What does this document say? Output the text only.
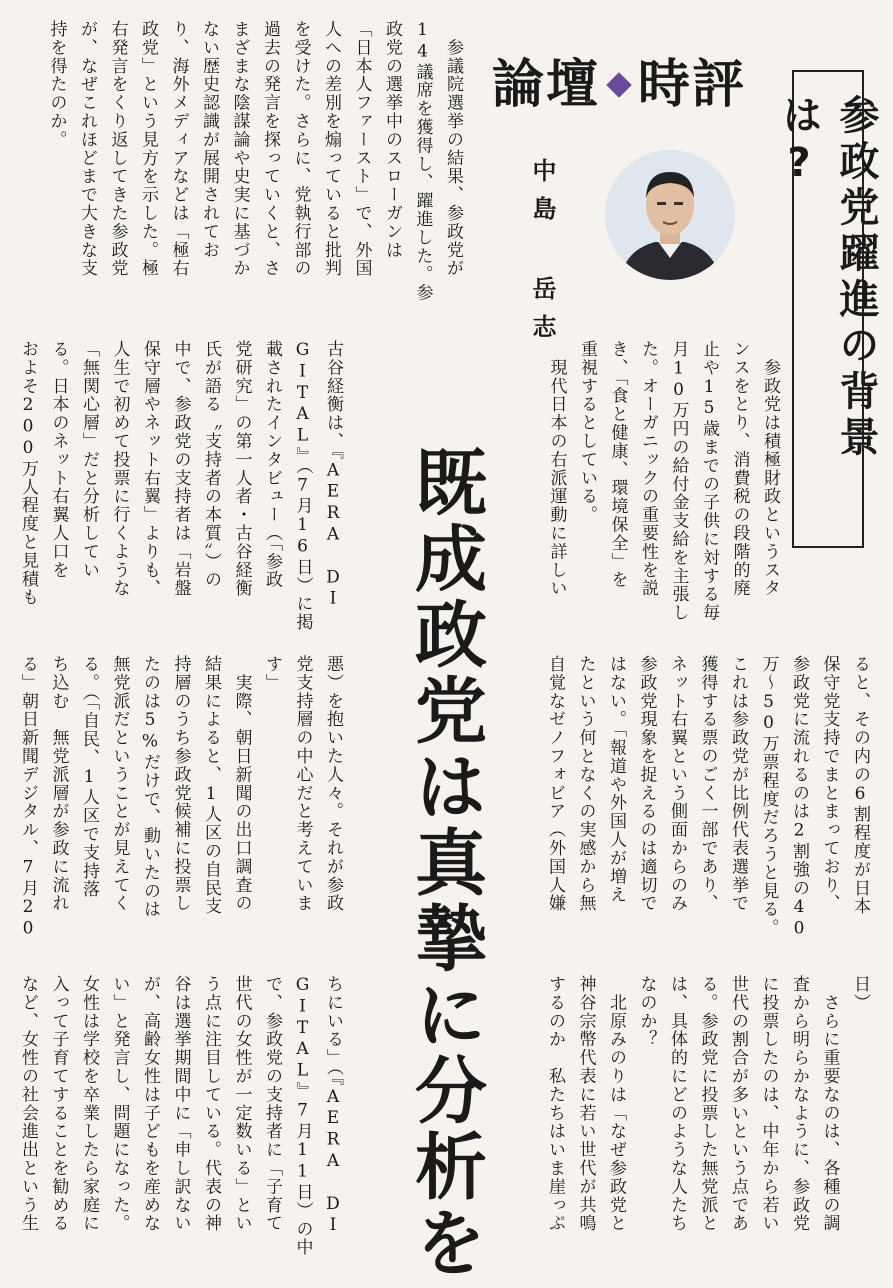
論壇 時評
参政党躍進の背景は?
中島 岳志
既成政党は真摯に分析を

　参議院選挙の結果、参政党が
14議席を獲得し、躍進した。参
政党の選挙中のスローガンは
「日本人ファースト」で、外国
人への差別を煽っていると批判
を受けた。さらに、党執行部の
過去の発言を探っていくと、さ
まざまな陰謀論や史実に基づか
ない歴史認識が展開されてお
り、海外メディアなどは「極右
政党」という見方を示した。極
右発言をくり返してきた参政党
が、なぜこれほどまで大きな支
持を得たのか。

　参政党は積極財政というスタ
ンスをとり、消費税の段階的廃
止や15歳までの子供に対する毎
月10万円の給付金支給を主張し
た。オーガニックの重要性を説
き、「食と健康、環境保全」を
重視するとしている。
　現代日本の右派運動に詳しい

古谷経衡は、『AERA DI
GITAL』（7月16日）に掲
載されたインタビュー（「参政
党研究」の第一人者・古谷経衡
氏が語る〝支持者の本質〟）の
中で、参政党の支持者は「岩盤
保守層やネット右翼」よりも、
人生で初めて投票に行くような
「無関心層」だと分析してい
る。日本のネット右翼人口を
およそ200万人程度と見積も

ると、その内の6割程度が日本
保守党支持でまとまっており、
参政党に流れるのは2割強の40
万〜50万票程度だろうと見る。
これは参政党が比例代表選挙で
獲得する票のごく一部であり、
ネット右翼という側面からのみ
参政党現象を捉えるのは適切で
はない。「報道や外国人が増え
たという何となくの実感から無
自覚なゼノフォビア（外国人嫌

悪）を抱いた人々。それが参政
党支持層の中心だと考えていま
す」
　実際、朝日新聞の出口調査の
結果によると、1人区の自民支
持層のうち参政党候補に投票し
たのは5%だけで、動いたのは
無党派だということが見えてく
る。（「自民、1人区で支持落
ち込む　無党派層が参政に流れ
る」朝日新聞デジタル、7月20

日）
　さらに重要なのは、各種の調
査から明らかなように、参政党
に投票したのは、中年から若い
世代の割合が多いという点であ
る。参政党に投票した無党派と
は、具体的にどのような人たち
なのか？
　北原みのりは「なぜ参政党と
神谷宗幣代表に若い世代が共鳴
するのか　私たちはいま崖っぷ

ちにいる」（『AERA DI
GITAL』7月11日）の中
で、参政党の支持者に「子育て
世代の女性が一定数いる」とい
う点に注目している。代表の神
谷は選挙期間中に「申し訳ない
が、高齢女性は子どもを産めな
い」と発言し、問題になった。
女性は学校を卒業したら家庭に
入って子育てすることを勧める
など、女性の社会進出という生
